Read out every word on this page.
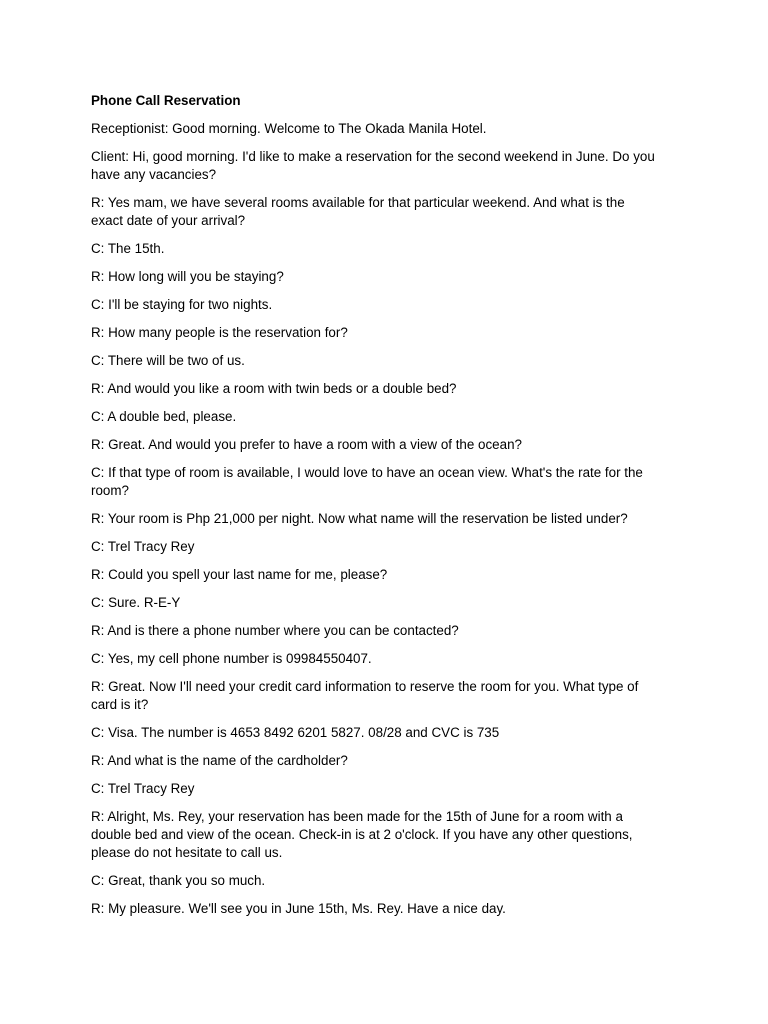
Phone Call Reservation
Receptionist: Good morning. Welcome to The Okada Manila Hotel.
Client: Hi, good morning. I'd like to make a reservation for the second weekend in June. Do you
have any vacancies?
R: Yes mam, we have several rooms available for that particular weekend. And what is the
exact date of your arrival?
C: The 15th.
R: How long will you be staying?
C: I'll be staying for two nights.
R: How many people is the reservation for?
C: There will be two of us.
R: And would you like a room with twin beds or a double bed?
C: A double bed, please.
R: Great. And would you prefer to have a room with a view of the ocean?
C: If that type of room is available, I would love to have an ocean view. What's the rate for the
room?
R: Your room is Php 21,000 per night. Now what name will the reservation be listed under?
C: Trel Tracy Rey
R: Could you spell your last name for me, please?
C: Sure. R-E-Y
R: And is there a phone number where you can be contacted?
C: Yes, my cell phone number is 09984550407.
R: Great. Now I'll need your credit card information to reserve the room for you. What type of
card is it?
C: Visa. The number is 4653 8492 6201 5827. 08/28 and CVC is 735
R: And what is the name of the cardholder?
C: Trel Tracy Rey
R: Alright, Ms. Rey, your reservation has been made for the 15th of June for a room with a
double bed and view of the ocean. Check-in is at 2 o'clock. If you have any other questions,
please do not hesitate to call us.
C: Great, thank you so much.
R: My pleasure. We'll see you in June 15th, Ms. Rey. Have a nice day.
